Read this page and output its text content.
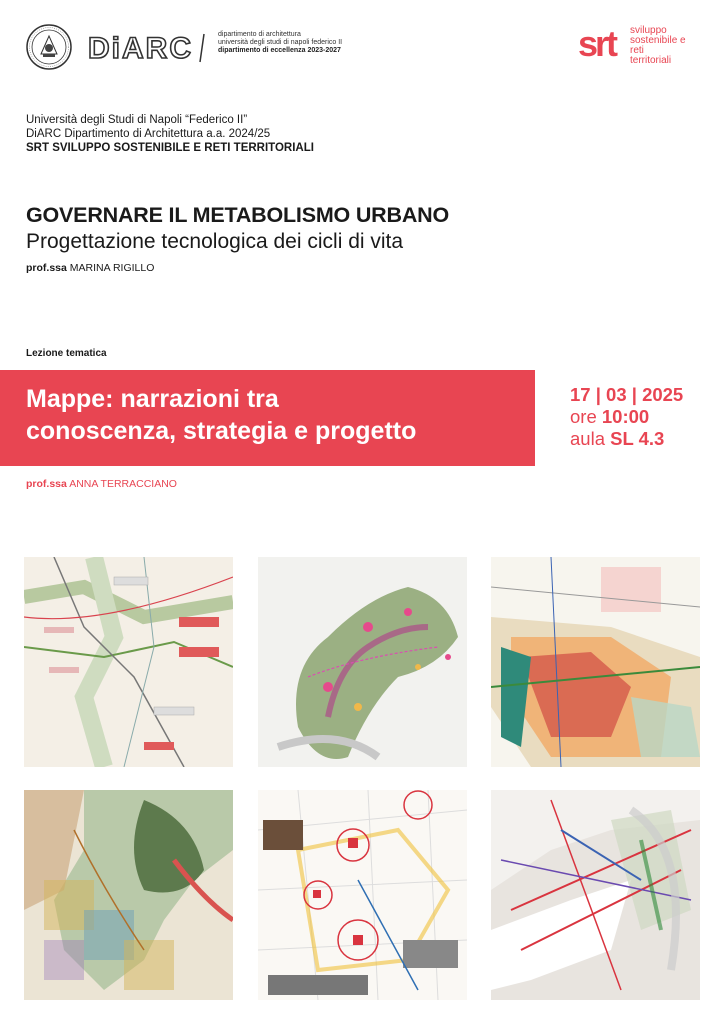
DiARC	dipartimento di architettura
università degli studi di napoli federico II
dipartimento di eccellenza 2023-2027	srt	sviluppo
sostenibile e
reti
territoriali
Università degli Studi di Napoli “Federico II”
DiARC Dipartimento di Architettura a.a. 2024/25
SRT SVILUPPO SOSTENIBILE E RETI TERRITORIALI
GOVERNARE IL METABOLISMO URBANO
Progettazione tecnologica dei cicli di vita
prof.ssa MARINA RIGILLO
Lezione tematica
Mappe: narrazioni tra
conoscenza, strategia e progetto
17 | 03 | 2025
ore 10:00
aula SL 4.3
prof.ssa ANNA TERRACCIANO
